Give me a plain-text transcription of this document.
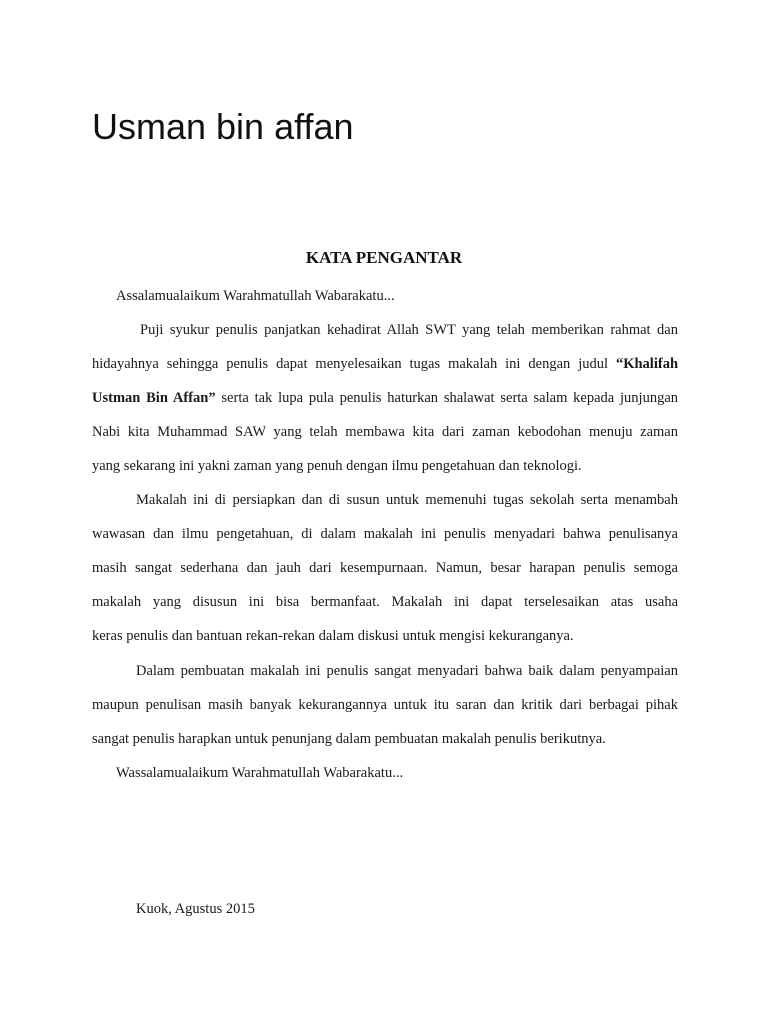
Usman bin affan
KATA PENGANTAR

Assalamualaikum Warahmatullah Wabarakatu...

Puji syukur penulis panjatkan kehadirat Allah SWT yang telah memberikan rahmat dan

hidayahnya sehingga penulis dapat menyelesaikan tugas makalah ini dengan judul “Khalifah

Ustman Bin Affan” serta tak lupa pula penulis haturkan shalawat serta salam kepada junjungan

Nabi kita Muhammad SAW yang telah membawa kita dari zaman kebodohan menuju zaman

yang sekarang ini yakni zaman yang penuh dengan ilmu pengetahuan dan teknologi.

Makalah ini di persiapkan dan di susun untuk memenuhi tugas sekolah serta menambah

wawasan dan ilmu pengetahuan, di dalam makalah ini penulis menyadari bahwa penulisanya

masih sangat sederhana dan jauh dari kesempurnaan. Namun, besar harapan penulis semoga

makalah yang disusun ini bisa bermanfaat. Makalah ini dapat terselesaikan atas usaha

keras penulis dan bantuan rekan-rekan dalam diskusi untuk mengisi kekuranganya.

Dalam pembuatan makalah ini penulis sangat menyadari bahwa baik dalam penyampaian

maupun penulisan masih banyak kekurangannya untuk itu saran dan kritik dari berbagai pihak

sangat penulis harapkan untuk penunjang dalam pembuatan makalah penulis berikutnya.

Wassalamualaikum Warahmatullah Wabarakatu...

Kuok, Agustus 2015
